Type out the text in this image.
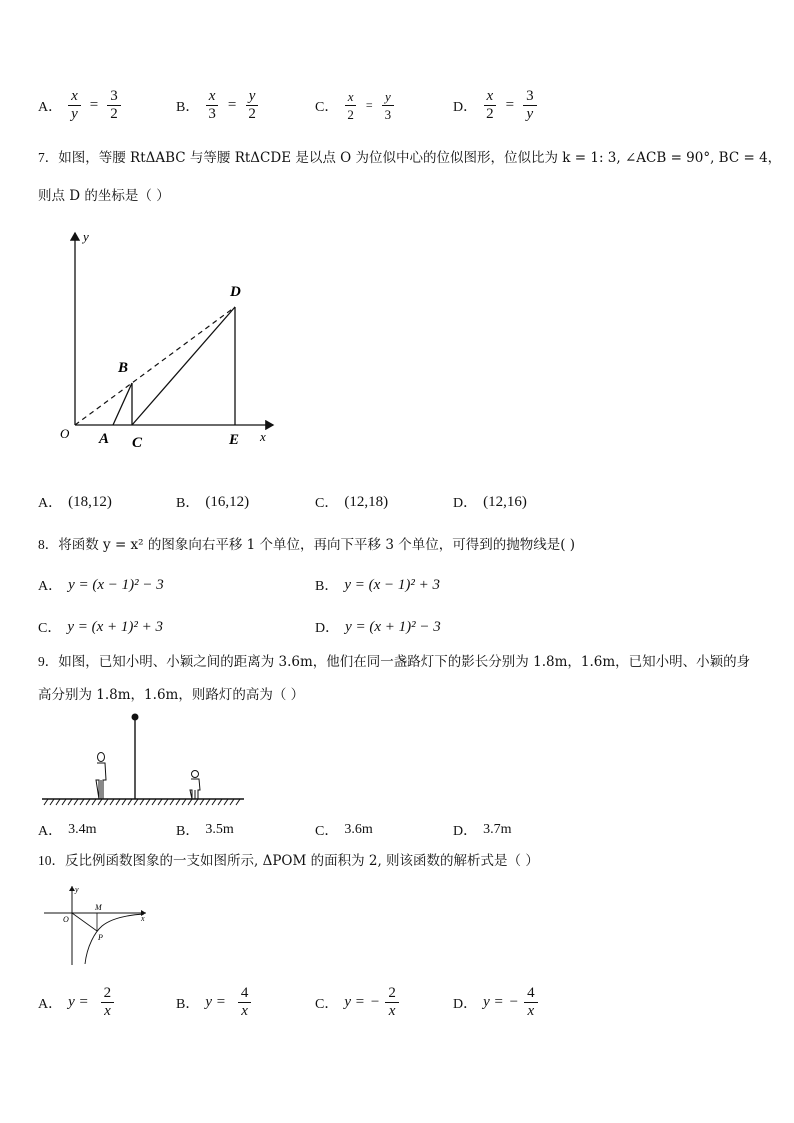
A． $\frac{x}{y} = \frac{3}{2}$	B． $\frac{x}{3} = \frac{y}{2}$	C． $\frac{x}{2} = \frac{y}{3}$	D． $\frac{x}{2} = \frac{3}{y}$
7．如图，等腰 RtΔABC 与等腰 RtΔCDE 是以点 O 为位似中心的位似图形，位似比为 k = 1: 3, ∠ACB = 90°, BC = 4，
则点 D 的坐标是（ ）
y
x
O A
B
C
D
E
A． (18,12)	B． (16,12)	C． (12,18)	D． (12,16)
8．将函数 y = x² 的图象向右平移 1 个单位，再向下平移 3 个单位，可得到的抛物线是( )
A． y = (x − 1)² − 3	B． y = (x − 1)² + 3
C． y = (x + 1)² + 3	D． y = (x + 1)² − 3
9．如图，已知小明、小颖之间的距离为 3.6m，他们在同一盏路灯下的影长分别为 1.8m，1.6m，已知小明、小颖的身
高分别为 1.8m，1.6m，则路灯的高为（ ）
A． 3.4m	B． 3.5m	C． 3.6m	D． 3.7m
10．反比例函数图象的一支如图所示, ΔPOM 的面积为 2, 则该函数的解析式是（ ）
y
x
O
M
P
A． $y = \frac{2}{x}$	B． $y = \frac{4}{x}$	C． y = − $\frac{2}{x}$	D． y = − $\frac{4}{x}$
